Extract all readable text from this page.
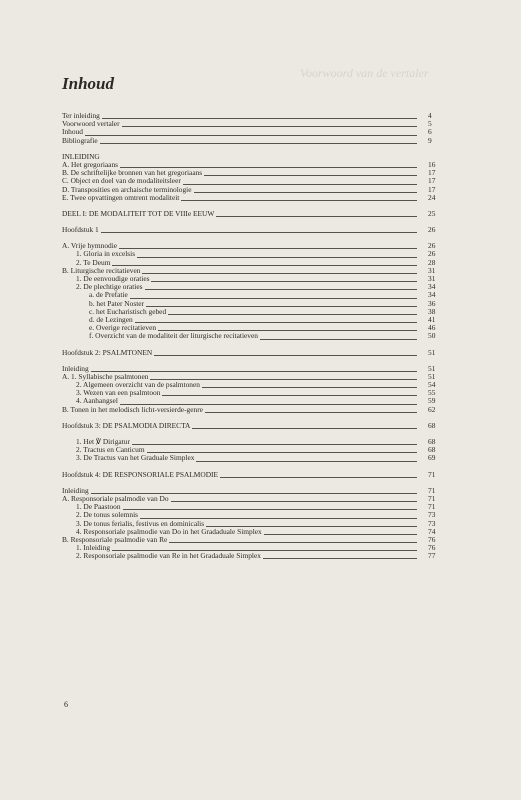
Voorwoord van de vertaler
Inhoud
Ter inleiding	4
Voorwoord vertaler	5
Inhoud	6
Bibliografie	9
INLEIDING
A. Het gregoriaans	16
B. De schriftelijke bronnen van het gregoriaans	17
C. Object en doel van de modaliteitsleer	17
D. Transposities en archaische terminologie	17
E. Twee opvattingen omtrent modaliteit	24
DEEL I: DE MODALITEIT TOT DE VIIIe EEUW	25
Hoofdstuk 1	26
A. Vrije hymnodie	26
1. Gloria in excelsis	26
2. Te Deum	28
B. Liturgische recitatieven	31
1. De eenvoudige oraties	31
2. De plechtige oraties	34
a. de Prefatie	34
b. het Pater Noster	36
c. het Eucharistisch gebed	38
d. de Lezingen	41
e. Overige recitatieven	46
f. Overzicht van de modaliteit der liturgische recitatieven	50
Hoofdstuk 2: PSALMTONEN	51
Inleiding	51
A. 1. Syllabische psalmtonen	51
2. Algemeen overzicht van de psalmtonen	54
3. Wezen van een psalmtoon	55
4. Aanhangsel	59
B. Tonen in het melodisch licht-versierde-genre	62
Hoofdstuk 3: DE PSALMODIA DIRECTA	68
1. Het ℣ Dirigatur	68
2. Tractus en Canticum	68
3. De Tractus van het Graduale Simplex	69
Hoofdstuk 4: DE RESPONSORIALE PSALMODIE	71
Inleiding	71
A. Responsoriale psalmodie van Do	71
1. De Paastoon	71
2. De tonus solemnis	73
3. De tonus ferialis, festivus en dominicalis	73
4. Responsoriale psalmodie van Do in het Gradaduale Simplex	74
B. Responsoriale psalmodie van Re	76
1. Inleiding	76
2. Responsoriale psalmodie van Re in het Gradaduale Simplex	77
6
